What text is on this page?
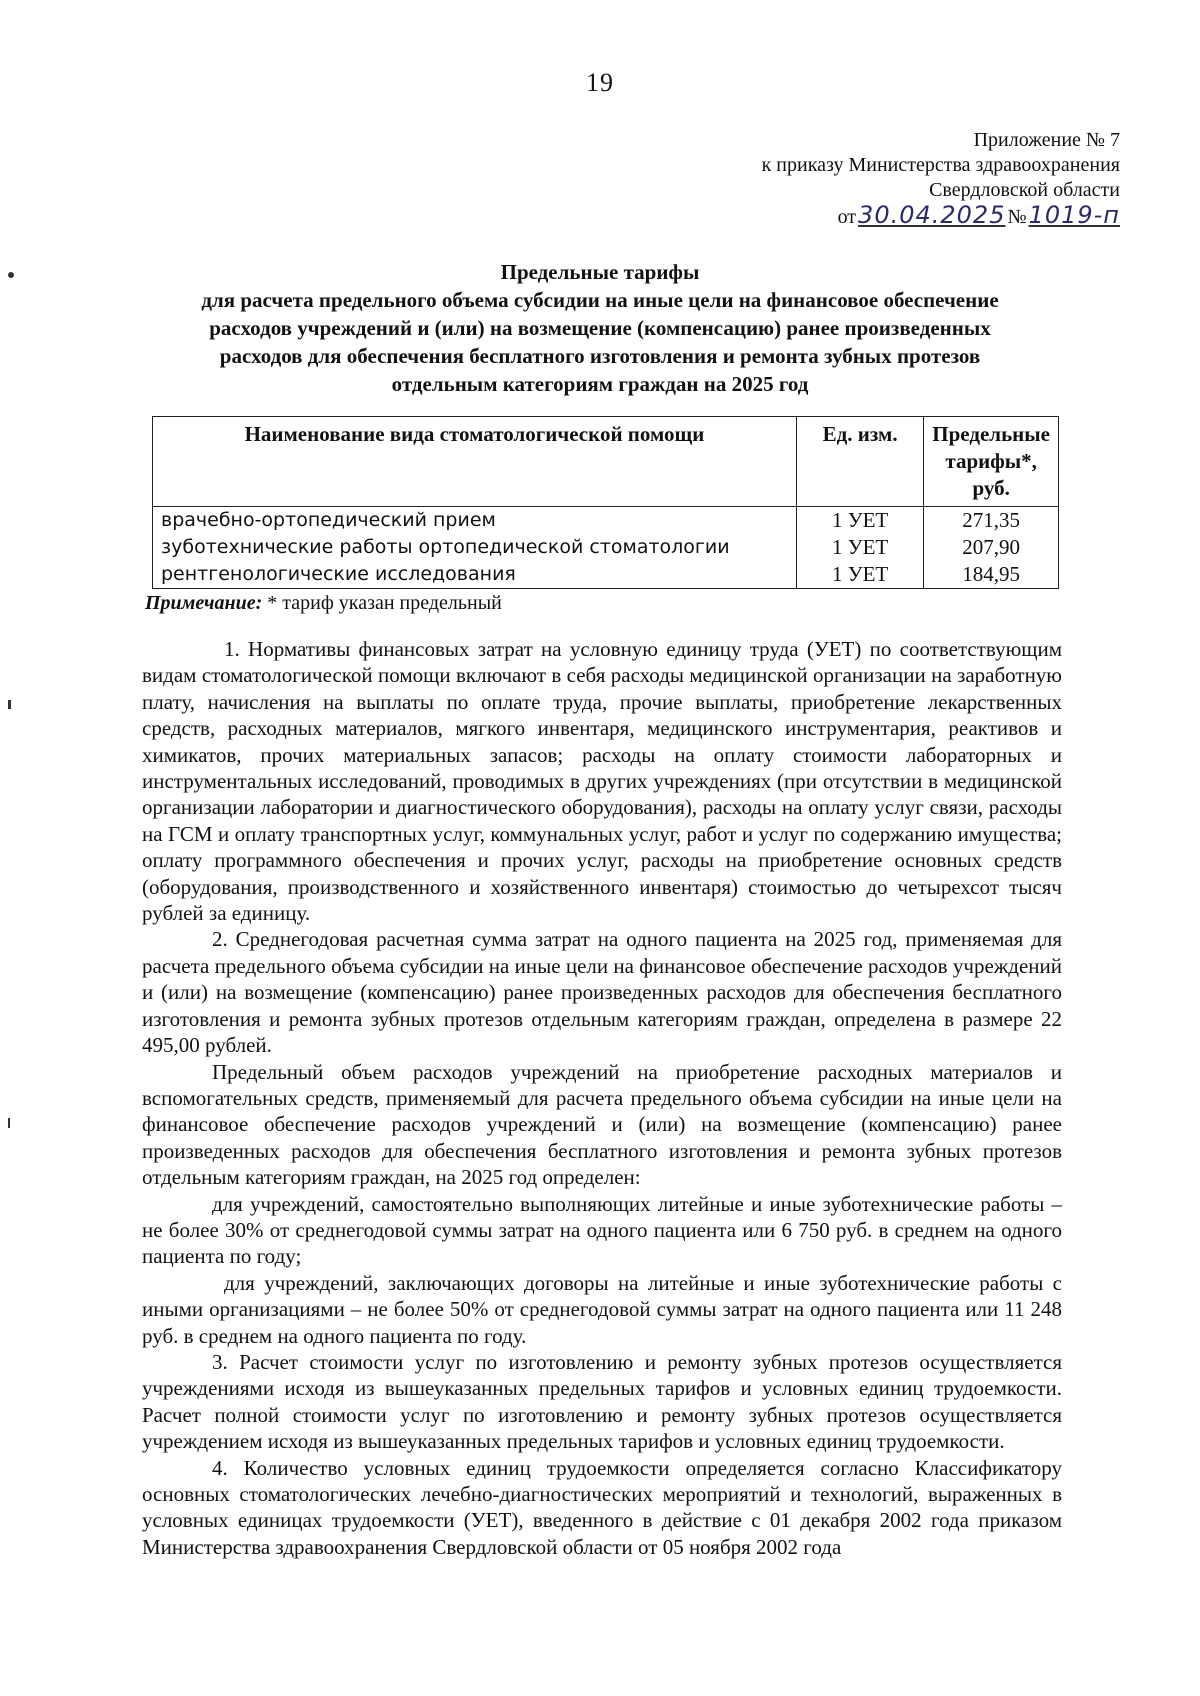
19
Приложение № 7
к приказу Министерства здравоохранения
Свердловской области
от 30.04.2025 № 1019-п
Предельные тарифы
для расчета предельного объема субсидии на иные цели на финансовое обеспечение
расходов учреждений и (или) на возмещение (компенсацию) ранее произведенных
расходов для обеспечения бесплатного изготовления и ремонта зубных протезов
отдельным категориям граждан на 2025 год
Наименование вида стоматологической помощи	Ед. изм.	Предельные тарифы*, руб.
врачебно-ортопедический прием	1 УЕТ	271,35
зуботехнические работы ортопедической стоматологии	1 УЕТ	207,90
рентгенологические исследования	1 УЕТ	184,95
Примечание: * тариф указан предельный

1. Нормативы финансовых затрат на условную единицу труда (УЕТ) по соответствующим видам стоматологической помощи включают в себя расходы медицинской организации на заработную плату, начисления на выплаты по оплате труда, прочие выплаты, приобретение лекарственных средств, расходных материалов, мягкого инвентаря, медицинского инструментария, реактивов и химикатов, прочих материальных запасов; расходы на оплату стоимости лабораторных и инструментальных исследований, проводимых в других учреждениях (при отсутствии в медицинской организации лаборатории и диагностического оборудования), расходы на оплату услуг связи, расходы на ГСМ и оплату транспортных услуг, коммунальных услуг, работ и услуг по содержанию имущества; оплату программного обеспечения и прочих услуг, расходы на приобретение основных средств (оборудования, производственного и хозяйственного инвентаря) стоимостью до четырехсот тысяч рублей за единицу.

2. Среднегодовая расчетная сумма затрат на одного пациента на 2025 год, применяемая для расчета предельного объема субсидии на иные цели на финансовое обеспечение расходов учреждений и (или) на возмещение (компенсацию) ранее произведенных расходов для обеспечения бесплатного изготовления и ремонта зубных протезов отдельным категориям граждан, определена в размере 22 495,00 рублей.

Предельный объем расходов учреждений на приобретение расходных материалов и вспомогательных средств, применяемый для расчета предельного объема субсидии на иные цели на финансовое обеспечение расходов учреждений и (или) на возмещение (компенсацию) ранее произведенных расходов для обеспечения бесплатного изготовления и ремонта зубных протезов отдельным категориям граждан, на 2025 год определен:

для учреждений, самостоятельно выполняющих литейные и иные зуботехнические работы – не более 30% от среднегодовой суммы затрат на одного пациента или 6 750 руб. в среднем на одного пациента по году;

для учреждений, заключающих договоры на литейные и иные зуботехнические работы с иными организациями – не более 50% от среднегодовой суммы затрат на одного пациента или 11 248 руб. в среднем на одного пациента по году.

3. Расчет стоимости услуг по изготовлению и ремонту зубных протезов осуществляется учреждениями исходя из вышеуказанных предельных тарифов и условных единиц трудоемкости. Расчет полной стоимости услуг по изготовлению и ремонту зубных протезов осуществляется учреждением исходя из вышеуказанных предельных тарифов и условных единиц трудоемкости.

4. Количество условных единиц трудоемкости определяется согласно Классификатору основных стоматологических лечебно-диагностических мероприятий и технологий, выраженных в условных единицах трудоемкости (УЕТ), введенного в действие с 01 декабря 2002 года приказом Министерства здравоохранения Свердловской области от 05 ноября 2002 года
